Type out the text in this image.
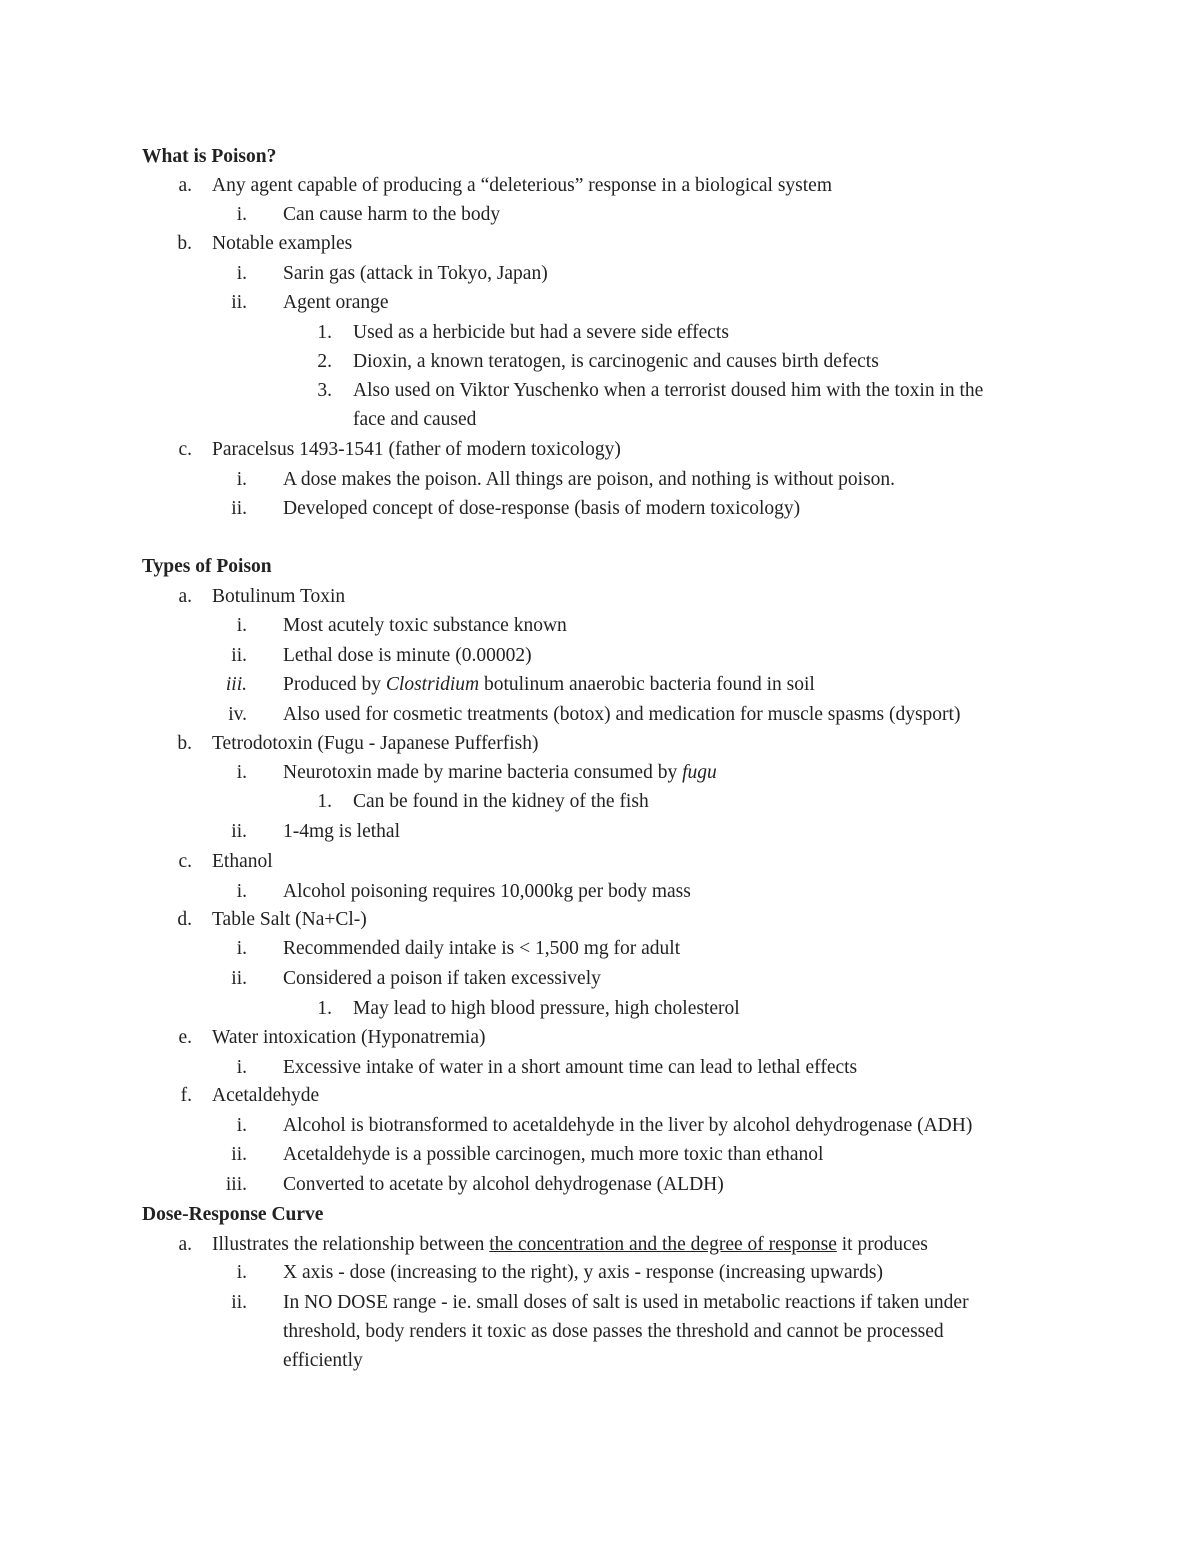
What is Poison?
a. Any agent capable of producing a “deleterious” response in a biological system
i. Can cause harm to the body
b. Notable examples
i. Sarin gas (attack in Tokyo, Japan)
ii. Agent orange
1. Used as a herbicide but had a severe side effects
2. Dioxin, a known teratogen, is carcinogenic and causes birth defects
3. Also used on Viktor Yuschenko when a terrorist doused him with the toxin in the
face and caused
c. Paracelsus 1493-1541 (father of modern toxicology)
i. A dose makes the poison. All things are poison, and nothing is without poison.
ii. Developed concept of dose-response (basis of modern toxicology)
Types of Poison
a. Botulinum Toxin
i. Most acutely toxic substance known
ii. Lethal dose is minute (0.00002)
iii. Produced by Clostridium botulinum anaerobic bacteria found in soil
iv. Also used for cosmetic treatments (botox) and medication for muscle spasms (dysport)
b. Tetrodotoxin (Fugu - Japanese Pufferfish)
i. Neurotoxin made by marine bacteria consumed by fugu
1. Can be found in the kidney of the fish
ii. 1-4mg is lethal
c. Ethanol
i. Alcohol poisoning requires 10,000kg per body mass
d. Table Salt (Na+Cl-)
i. Recommended daily intake is < 1,500 mg for adult
ii. Considered a poison if taken excessively
1. May lead to high blood pressure, high cholesterol
e. Water intoxication (Hyponatremia)
i. Excessive intake of water in a short amount time can lead to lethal effects
f. Acetaldehyde
i. Alcohol is biotransformed to acetaldehyde in the liver by alcohol dehydrogenase (ADH)
ii. Acetaldehyde is a possible carcinogen, much more toxic than ethanol
iii. Converted to acetate by alcohol dehydrogenase (ALDH)
Dose-Response Curve
a. Illustrates the relationship between the concentration and the degree of response it produces
i. X axis - dose (increasing to the right), y axis - response (increasing upwards)
ii. In NO DOSE range - ie. small doses of salt is used in metabolic reactions if taken under
threshold, body renders it toxic as dose passes the threshold and cannot be processed
efficiently
